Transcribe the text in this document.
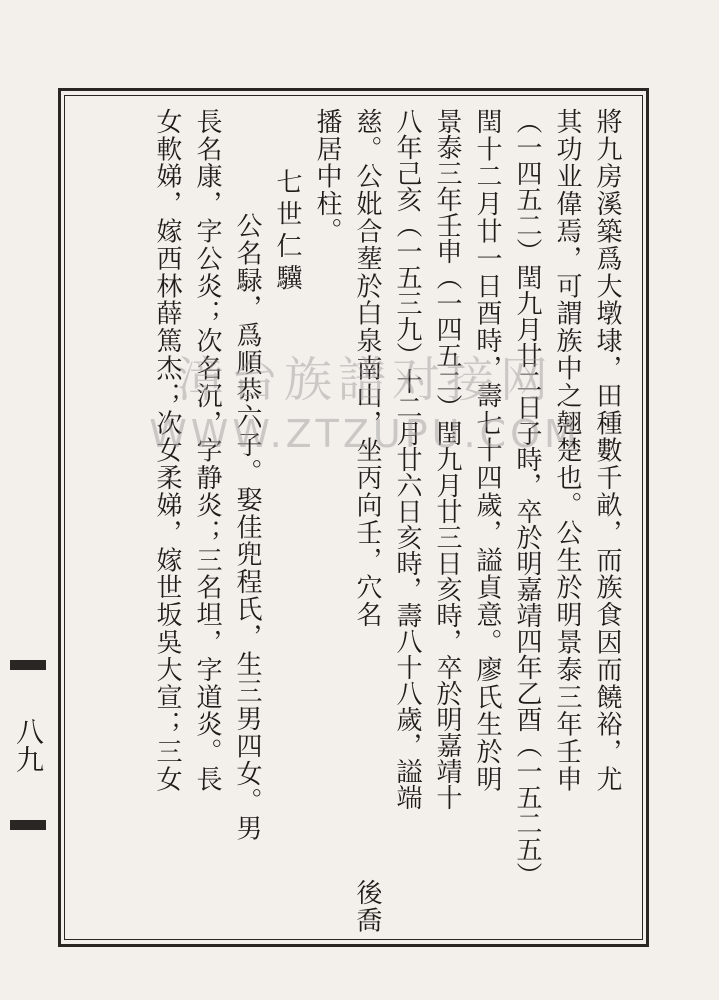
將九房溪築爲大墩埭，田種數千畝，而族食因而饒裕，尤
其功业偉焉，可謂族中之翹楚也。公生於明景泰三年壬申
（一四五二）閏九月廿二日子時，卒於明嘉靖四年乙酉（一五二五）
閏十二月廿一日酉時，壽七十四歲，謚貞意。廖氏生於明
景泰三年壬申（一四五二）閏九月廿三日亥時，卒於明嘉靖十
八年己亥（一五三九）十二月廿六日亥時，壽八十八歲，謚端
慈。公妣合塟於白泉南山，坐丙向壬，穴名
後喬
播居中柱。
七世仁驥
公名騄，爲順恭六子。娶佳兜程氏，生三男四女。男
長名康，字公炎；次名沉，字静炎；三名坦，字道炎。長
女軟娣，嫁西林薛篤杰；次女柔娣，嫁世坂吳大宣；三女
漳台族譜对接网
WWW.ZTZUPU.COM
八九
